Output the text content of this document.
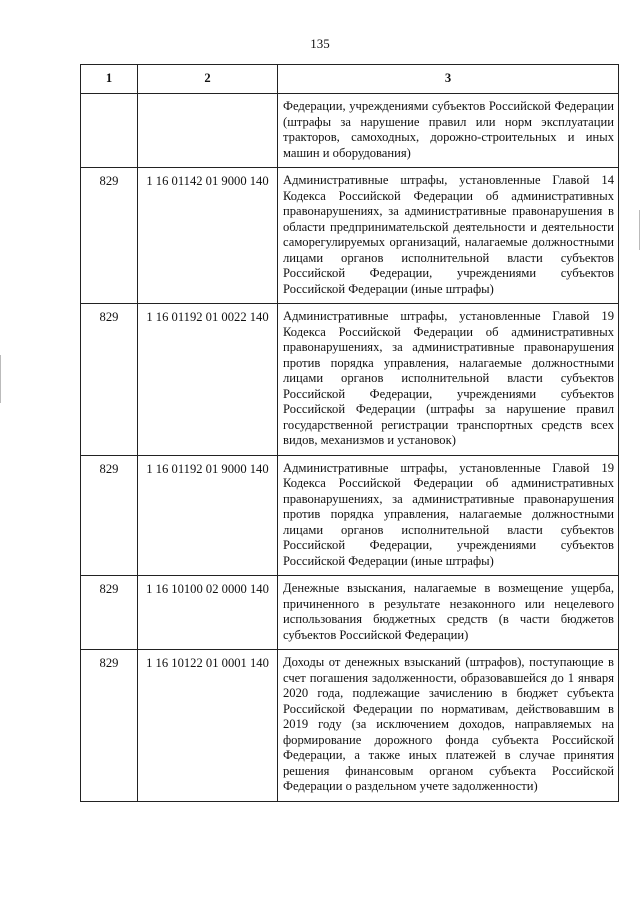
135
1	2	3
		Федерации, учреждениями субъектов Российской Федерации (штрафы за нарушение правил или норм эксплуатации тракторов, самоходных, дорожно-строительных и иных машин и оборудования)
829	1 16 01142 01 9000 140	Административные штрафы, установленные Главой 14 Кодекса Российской Федерации об административных правонарушениях, за административные правонарушения в области предпринимательской деятельности и деятельности саморегулируемых организаций, налагаемые должностными лицами органов исполнительной власти субъектов Российской Федерации, учреждениями субъектов Российской Федерации (иные штрафы)
829	1 16 01192 01 0022 140	Административные штрафы, установленные Главой 19 Кодекса Российской Федерации об административных правонарушениях, за административные правонарушения против порядка управления, налагаемые должностными лицами органов исполнительной власти субъектов Российской Федерации, учреждениями субъектов Российской Федерации (штрафы за нарушение правил государственной регистрации транспортных средств всех видов, механизмов и установок)
829	1 16 01192 01 9000 140	Административные штрафы, установленные Главой 19 Кодекса Российской Федерации об административных правонарушениях, за административные правонарушения против порядка управления, налагаемые должностными лицами органов исполнительной власти субъектов Российской Федерации, учреждениями субъектов Российской Федерации (иные штрафы)
829	1 16 10100 02 0000 140	Денежные взыскания, налагаемые в возмещение ущерба, причиненного в результате незаконного или нецелевого использования бюджетных средств (в части бюджетов субъектов Российской Федерации)
829	1 16 10122 01 0001 140	Доходы от денежных взысканий (штрафов), поступающие в счет погашения задолженности, образовавшейся до 1 января 2020 года, подлежащие зачислению в бюджет субъекта Российской Федерации по нормативам, действовавшим в 2019 году (за исключением доходов, направляемых на формирование дорожного фонда субъекта Российской Федерации, а также иных платежей в случае принятия решения финансовым органом субъекта Российской Федерации о раздельном учете задолженности)
